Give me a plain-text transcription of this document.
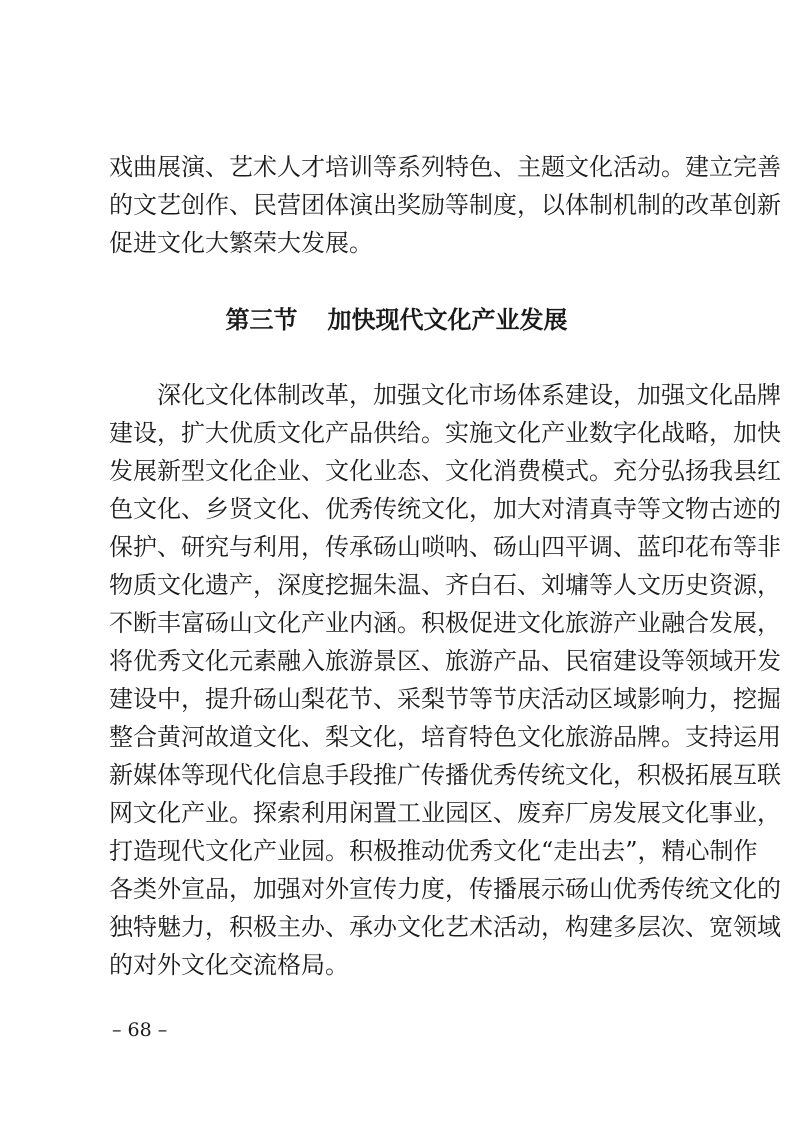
戏曲展演、艺术人才培训等系列特色、主题文化活动。建立完善
的文艺创作、民营团体演出奖励等制度，以体制机制的改革创新
促进文化大繁荣大发展。
第三节 加快现代文化产业发展
深化文化体制改革，加强文化市场体系建设，加强文化品牌
建设，扩大优质文化产品供给。实施文化产业数字化战略，加快
发展新型文化企业、文化业态、文化消费模式。充分弘扬我县红
色文化、乡贤文化、优秀传统文化，加大对清真寺等文物古迹的
保护、研究与利用，传承砀山唢呐、砀山四平调、蓝印花布等非
物质文化遗产，深度挖掘朱温、齐白石、刘墉等人文历史资源，
不断丰富砀山文化产业内涵。积极促进文化旅游产业融合发展，
将优秀文化元素融入旅游景区、旅游产品、民宿建设等领域开发
建设中，提升砀山梨花节、采梨节等节庆活动区域影响力，挖掘
整合黄河故道文化、梨文化，培育特色文化旅游品牌。支持运用
新媒体等现代化信息手段推广传播优秀传统文化，积极拓展互联
网文化产业。探索利用闲置工业园区、废弃厂房发展文化事业，
打造现代文化产业园。积极推动优秀文化“走出去”，精心制作
各类外宣品，加强对外宣传力度，传播展示砀山优秀传统文化的
独特魅力，积极主办、承办文化艺术活动，构建多层次、宽领域
的对外文化交流格局。
– 68 –
